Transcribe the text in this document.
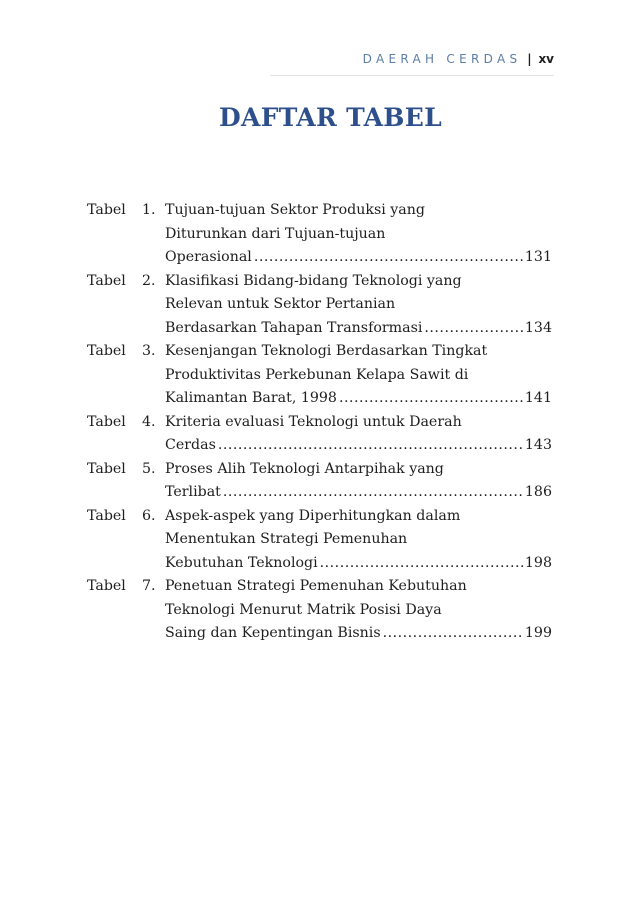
DAERAH CERDAS | xv
DAFTAR TABEL
Tabel 1. Tujuan-tujuan Sektor Produksi yang
Diturunkan dari Tujuan-tujuan
Operasional .....	131
Tabel 2. Klasifikasi Bidang-bidang Teknologi yang
Relevan untuk Sektor Pertanian
Berdasarkan Tahapan Transformasi .....	134
Tabel 3. Kesenjangan Teknologi Berdasarkan Tingkat
Produktivitas Perkebunan Kelapa Sawit di
Kalimantan Barat, 1998 .....	141
Tabel 4. Kriteria evaluasi Teknologi untuk Daerah
Cerdas .....	143
Tabel 5. Proses Alih Teknologi Antarpihak yang
Terlibat .....	186
Tabel 6. Aspek-aspek yang Diperhitungkan dalam
Menentukan Strategi Pemenuhan
Kebutuhan Teknologi .....	198
Tabel 7. Penetuan Strategi Pemenuhan Kebutuhan
Teknologi Menurut Matrik Posisi Daya
Saing dan Kepentingan Bisnis .....	199
